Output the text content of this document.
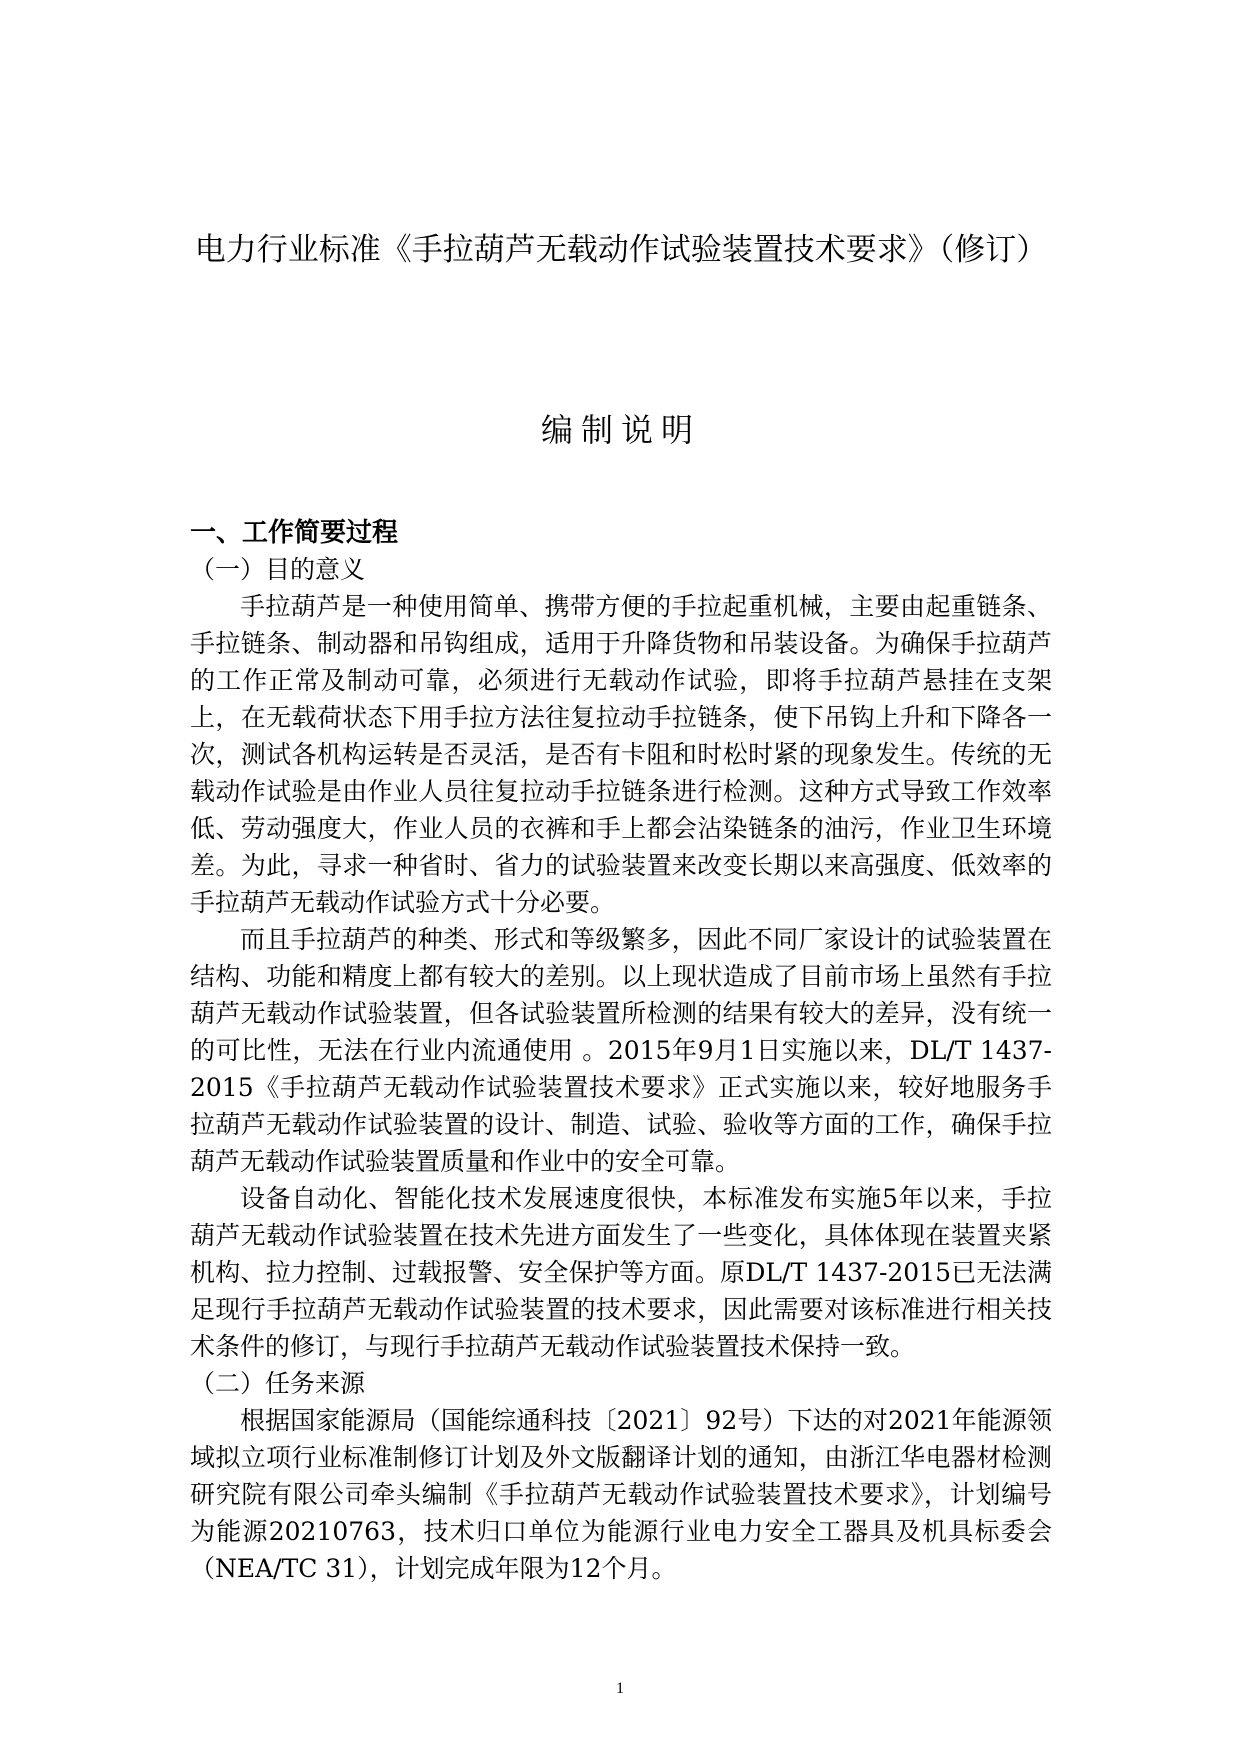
电力行业标准《手拉葫芦无载动作试验装置技术要求》（修订）
编制说明

一、工作简要过程

（一）目的意义

手拉葫芦是一种使用简单、携带方便的手拉起重机械，主要由起重链条、手拉链条、制动器和吊钩组成，适用于升降货物和吊装设备。为确保手拉葫芦的工作正常及制动可靠，必须进行无载动作试验，即将手拉葫芦悬挂在支架上，在无载荷状态下用手拉方法往复拉动手拉链条，使下吊钩上升和下降各一次，测试各机构运转是否灵活，是否有卡阻和时松时紧的现象发生。传统的无载动作试验是由作业人员往复拉动手拉链条进行检测。这种方式导致工作效率低、劳动强度大，作业人员的衣裤和手上都会沾染链条的油污，作业卫生环境差。为此，寻求一种省时、省力的试验装置来改变长期以来高强度、低效率的手拉葫芦无载动作试验方式十分必要。

而且手拉葫芦的种类、形式和等级繁多，因此不同厂家设计的试验装置在结构、功能和精度上都有较大的差别。以上现状造成了目前市场上虽然有手拉葫芦无载动作试验装置，但各试验装置所检测的结果有较大的差异，没有统一的可比性，无法在行业内流通使用 。2015年9月1日实施以来，DL/T 1437-2015《手拉葫芦无载动作试验装置技术要求》正式实施以来，较好地服务手拉葫芦无载动作试验装置的设计、制造、试验、验收等方面的工作，确保手拉葫芦无载动作试验装置质量和作业中的安全可靠。

设备自动化、智能化技术发展速度很快，本标准发布实施5年以来，手拉葫芦无载动作试验装置在技术先进方面发生了一些变化，具体体现在装置夹紧机构、拉力控制、过载报警、安全保护等方面。原DL/T 1437-2015已无法满足现行手拉葫芦无载动作试验装置的技术要求，因此需要对该标准进行相关技术条件的修订，与现行手拉葫芦无载动作试验装置技术保持一致。

（二）任务来源

根据国家能源局（国能综通科技〔2021〕92号）下达的对2021年能源领域拟立项行业标准制修订计划及外文版翻译计划的通知，由浙江华电器材检测研究院有限公司牵头编制《手拉葫芦无载动作试验装置技术要求》，计划编号为能源20210763，技术归口单位为能源行业电力安全工器具及机具标委会（NEA/TC 31），计划完成年限为12个月。

1
